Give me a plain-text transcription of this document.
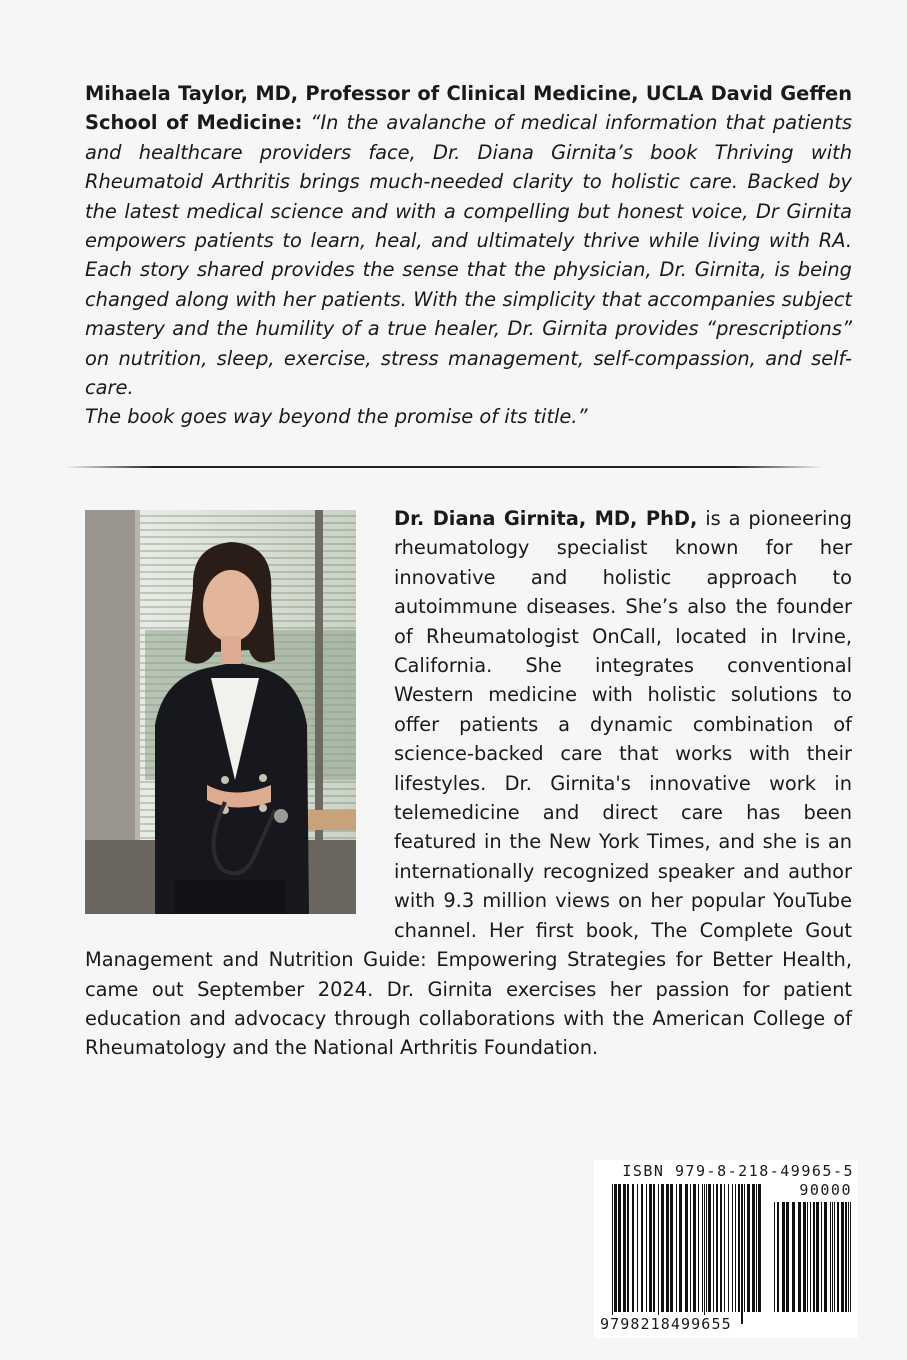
Mihaela Taylor, MD, Professor of Clinical Medicine, UCLA David Geffen School of Medicine: “In the avalanche of medical information that patients and healthcare providers face, Dr. Diana Girnita’s book Thriving with Rheumatoid Arthritis brings much-needed clarity to holistic care. Backed by the latest medical science and with a compelling but honest voice, Dr Girnita empowers patients to learn, heal, and ultimately thrive while living with RA. Each story shared provides the sense that the physician, Dr. Girnita, is being changed along with her patients. With the simplicity that accompanies subject mastery and the humility of a true healer, Dr. Girnita provides “prescriptions” on nutrition, sleep, exercise, stress management, self-compassion, and self-care.
The book goes way beyond the promise of its title.”
Dr. Diana Girnita, MD, PhD, is a pioneering rheumatology specialist known for her innovative and holistic approach to autoimmune diseases. She’s also the founder of Rheumatologist OnCall, located in Irvine, California. She integrates conventional Western medicine with holistic solutions to offer patients a dynamic combination of science-backed care that works with their lifestyles. Dr. Girnita's innovative work in telemedicine and direct care has been featured in the New York Times, and she is an internationally recognized speaker and author with 9.3 million views on her popular YouTube channel. Her first book, The Complete Gout Management and Nutrition Guide: Empowering Strategies for Better Health, came out September 2024. Dr. Girnita exercises her passion for patient education and advocacy through collaborations with the American College of Rheumatology and the National Arthritis Foundation.
ISBN 979-8-218-49965-5
90000
9798218499655
